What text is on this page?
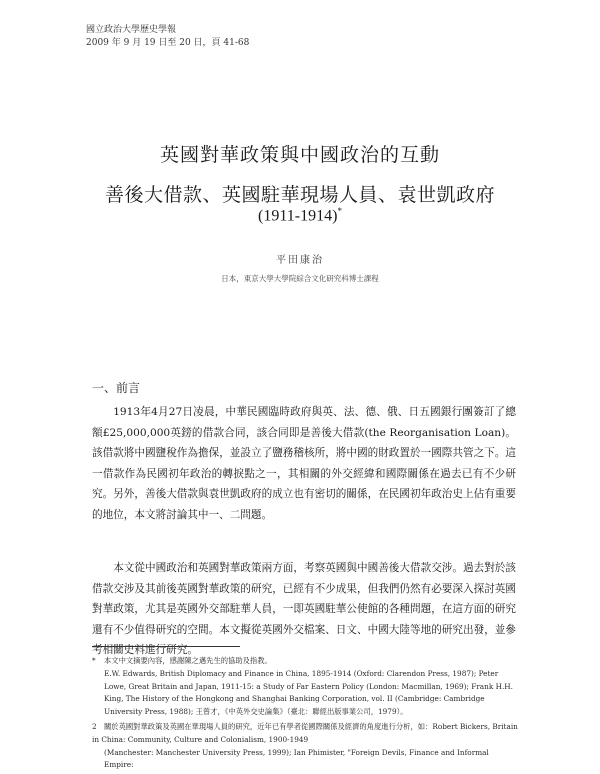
國立政治大學歷史學報
2009 年 9 月 19 日至 20 日，頁 41-68
英國對華政策與中國政治的互動
善後大借款、英國駐華現場人員、袁世凱政府
(1911-1914)*
平田康治
日本，東京大學大學院綜合文化研究科博士課程
一、前言

1913年4月27日凌晨，中華民國臨時政府與英、法、德、俄、日五國銀行團簽訂了總額£25,000,000英鎊的借款合同，該合同即是善後大借款(the Reorganisation Loan)。該借款將中國鹽稅作為擔保，並設立了鹽務稽核所，將中國的財政置於一國際共管之下。這一借款作為民國初年政治的轉捩點之一，其相關的外交經緯和國際關係在過去已有不少研究。另外，善後大借款與袁世凱政府的成立也有密切的關係，在民國初年政治史上佔有重要的地位，本文將討論其中一、二問題。

本文從中國政治和英國對華政策兩方面，考察英國與中國善後大借款交涉。過去對於該借款交涉及其前後英國對華政策的研究，已經有不少成果，但我們仍然有必要深入探討英國對華政策，尤其是英國外交部駐華人員，一即英國駐華公使館的各種問題，在這方面的研究還有不少值得研究的空間。本文擬從英國外交檔案、日文、中國大陸等地的研究出發，並參考相關史料進行研究。

* 本文中文摘要內容，感謝陳之邁先生的協助及指教。
E.W. Edwards, British Diplomacy and Finance in China, 1895-1914 (Oxford: Clarendon Press, 1987); Peter Lowe, Great Britain and Japan, 1911-15: a Study of Far Eastern Policy (London: Macmillan, 1969); Frank H.H. King, The History of the Hongkong and Shanghai Banking Corporation, vol. II (Cambridge: Cambridge University Press, 1988); 王曾才，《中英外交史論集》（臺北：聯經出版事業公司，1979）。
2 關於英國對華政策及英國在華現場人員的研究，近年已有學者從國際關係及經濟的角度進行分析，如：Robert Bickers, Britain in China: Community, Culture and Colonialism, 1900-1949
(Manchester: Manchester University Press, 1999); Ian Phimister, "Foreign Devils, Finance and Informal Empire:
